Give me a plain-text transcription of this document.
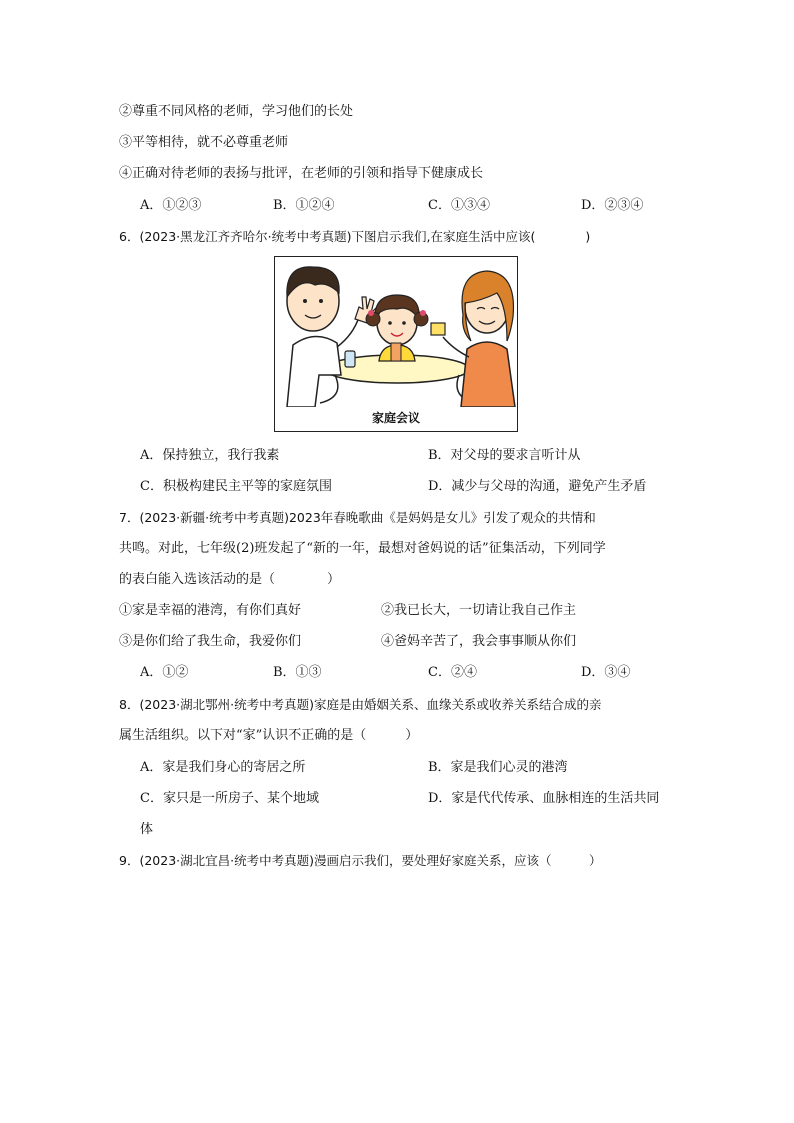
②尊重不同风格的老师，学习他们的长处
③平等相待，就不必尊重老师
④正确对待老师的表扬与批评，在老师的引领和指导下健康成长
A．①②③	B．①②④	C．①③④	D．②③④
6．(2023·黑龙江齐齐哈尔·统考中考真题)下图启示我们,在家庭生活中应该(　　　　)
家庭会议
A．保持独立，我行我素	B．对父母的要求言听计从
C．积极构建民主平等的家庭氛围	D．减少与父母的沟通，避免产生矛盾
7．(2023·新疆·统考中考真题)2023年春晚歌曲《是妈妈是女儿》引发了观众的共情和
共鸣。对此，七年级(2)班发起了“新的一年，最想对爸妈说的话”征集活动，下列同学
的表白能入选该活动的是（　　　　）
①家是幸福的港湾，有你们真好	②我已长大，一切请让我自己作主
③是你们给了我生命，我爱你们	④爸妈辛苦了，我会事事顺从你们
A．①②	B．①③	C．②④	D．③④
8．(2023·湖北鄂州·统考中考真题)家庭是由婚姻关系、血缘关系或收养关系结合成的亲
属生活组织。以下对“家”认识不正确的是（　　　）
A．家是我们身心的寄居之所	B．家是我们心灵的港湾
C．家只是一所房子、某个地域	D．家是代代传承、血脉相连的生活共同
体
9．(2023·湖北宜昌·统考中考真题)漫画启示我们，要处理好家庭关系，应该（　　　）
